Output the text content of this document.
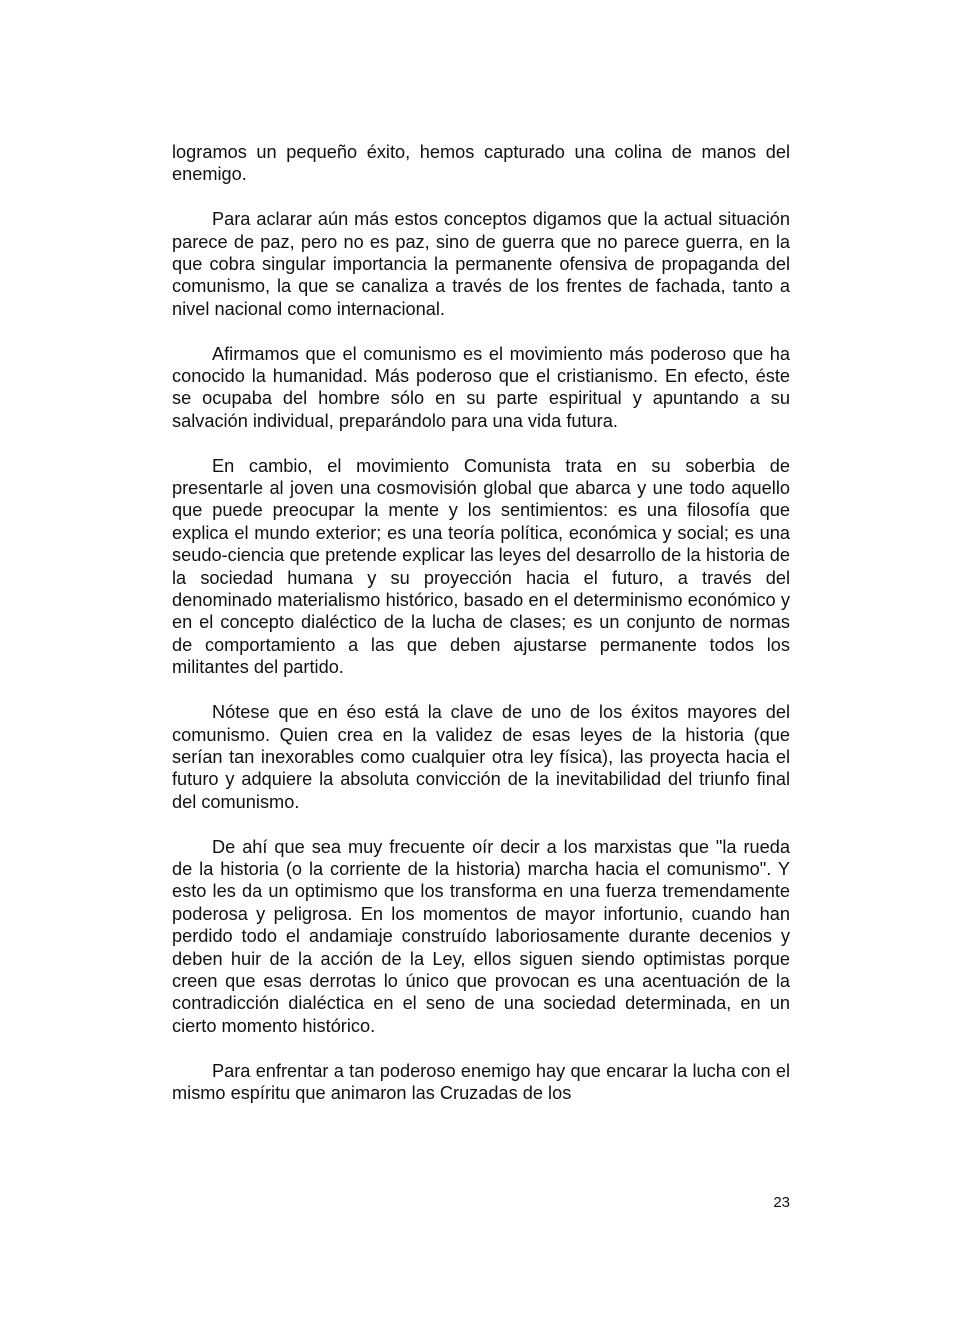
logramos un pequeño éxito, hemos capturado una colina de manos del enemigo.

Para aclarar aún más estos conceptos digamos que la actual situación parece de paz, pero no es paz, sino de guerra que no parece guerra, en la que cobra singular importancia la permanente ofensiva de propaganda del comunismo, la que se canaliza a través de los frentes de fachada, tanto a nivel nacional como internacional.

Afirmamos que el comunismo es el movimiento más poderoso que ha conocido la humanidad. Más poderoso que el cristianismo. En efecto, éste se ocupaba del hombre sólo en su parte espiritual y apuntando a su salvación individual, preparándolo para una vida futura.

En cambio, el movimiento Comunista trata en su soberbia de presentarle al joven una cosmovisión global que abarca y une todo aquello que puede preocupar la mente y los sentimientos: es una filosofía que explica el mundo exterior; es una teoría política, económica y social; es una seudo-ciencia que pretende explicar las leyes del desarrollo de la historia de la sociedad humana y su proyección hacia el futuro, a través del denominado materialismo histórico, basado en el determinismo económico y en el concepto dialéctico de la lucha de clases; es un conjunto de normas de comportamiento a las que deben ajustarse permanente todos los militantes del partido.

Nótese que en éso está la clave de uno de los éxitos mayores del comunismo. Quien crea en la validez de esas leyes de la historia (que serían tan inexorables como cualquier otra ley física), las proyecta hacia el futuro y adquiere la absoluta convicción de la inevitabilidad del triunfo final del comunismo.

De ahí que sea muy frecuente oír decir a los marxistas que "la rueda de la historia (o la corriente de la historia) marcha hacia el comunismo". Y esto les da un optimismo que los transforma en una fuerza tremendamente poderosa y peligrosa. En los momentos de mayor infortunio, cuando han perdido todo el andamiaje construído laboriosamente durante decenios y deben huir de la acción de la Ley, ellos siguen siendo optimistas porque creen que esas derrotas lo único que provocan es una acentuación de la contradicción dialéctica en el seno de una sociedad determinada, en un cierto momento histórico.

Para enfrentar a tan poderoso enemigo hay que encarar la lucha con el mismo espíritu que animaron las Cruzadas de los

23
